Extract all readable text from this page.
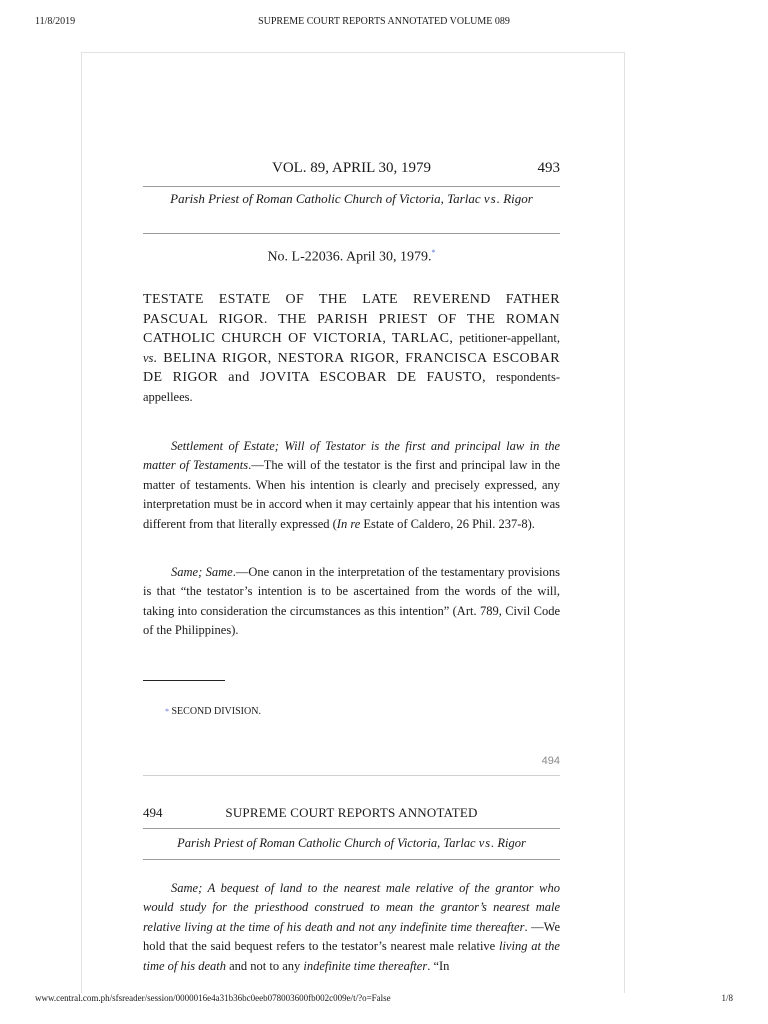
11/8/2019	SUPREME COURT REPORTS ANNOTATED VOLUME 089
VOL. 89, APRIL 30, 1979	493
Parish Priest of Roman Catholic Church of Victoria, Tarlac vs. Rigor
No. L-22036. April 30, 1979.*
TESTATE ESTATE OF THE LATE REVEREND FATHER PASCUAL RIGOR. THE PARISH PRIEST OF THE ROMAN CATHOLIC CHURCH OF VICTORIA, TARLAC, petitioner-appellant, vs. BELINA RIGOR, NESTORA RIGOR, FRANCISCA ESCOBAR DE RIGOR and JOVITA ESCOBAR DE FAUSTO, respondents-appellees.
Settlement of Estate; Will of Testator is the first and principal law in the matter of Testaments.—The will of the testator is the first and principal law in the matter of testaments. When his intention is clearly and precisely expressed, any interpretation must be in accord when it may certainly appear that his intention was different from that literally expressed (In re Estate of Caldero, 26 Phil. 237-8).
Same; Same.—One canon in the interpretation of the testamentary provisions is that “the testator’s intention is to be ascertained from the words of the will, taking into consideration the circumstances as this intention” (Art. 789, Civil Code of the Philippines).
* SECOND DIVISION.
494
494	SUPREME COURT REPORTS ANNOTATED
Parish Priest of Roman Catholic Church of Victoria, Tarlac vs. Rigor
Same; A bequest of land to the nearest male relative of the grantor who would study for the priesthood construed to mean the grantor’s nearest male relative living at the time of his death and not any indefinite time thereafter. —We hold that the said bequest refers to the testator’s nearest male relative living at the time of his death and not to any indefinite time thereafter. “In
www.central.com.ph/sfsreader/session/0000016e4a31b36bc0eeb078003600fb002c009e/t/?o=False	1/8
